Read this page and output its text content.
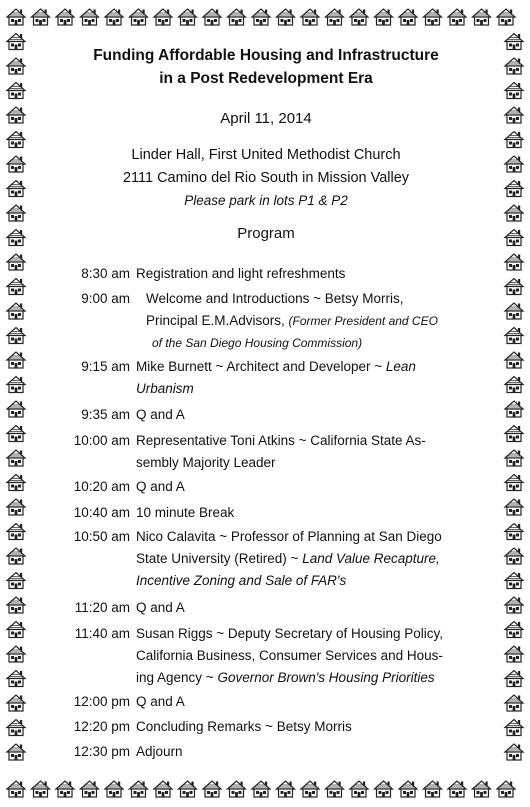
Funding Affordable Housing and Infrastructure
in a Post Redevelopment Era

April 11, 2014
Linder Hall, First United Methodist Church
2111 Camino del Rio South in Mission Valley
Please park in lots P1 & P2
Program
8:30 am Registration and light refreshments
9:00 am Welcome and Introductions ~ Betsy Morris,
Principal E.M.Advisors, (Former President and CEO
of the San Diego Housing Commission)
9:15 am Mike Burnett ~ Architect and Developer ~ Lean
Urbanism
9:35 am Q and A
10:00 am Representative Toni Atkins ~ California State As-
sembly Majority Leader
10:20 am Q and A
10:40 am 10 minute Break
10:50 am Nico Calavita ~ Professor of Planning at San Diego
State University (Retired) ~ Land Value Recapture,
Incentive Zoning and Sale of FAR's
11:20 am Q and A
11:40 am Susan Riggs ~ Deputy Secretary of Housing Policy,
California Business, Consumer Services and Hous-
ing Agency ~ Governor Brown's Housing Priorities
12:00 pm Q and A
12:20 pm Concluding Remarks ~ Betsy Morris
12:30 pm Adjourn
